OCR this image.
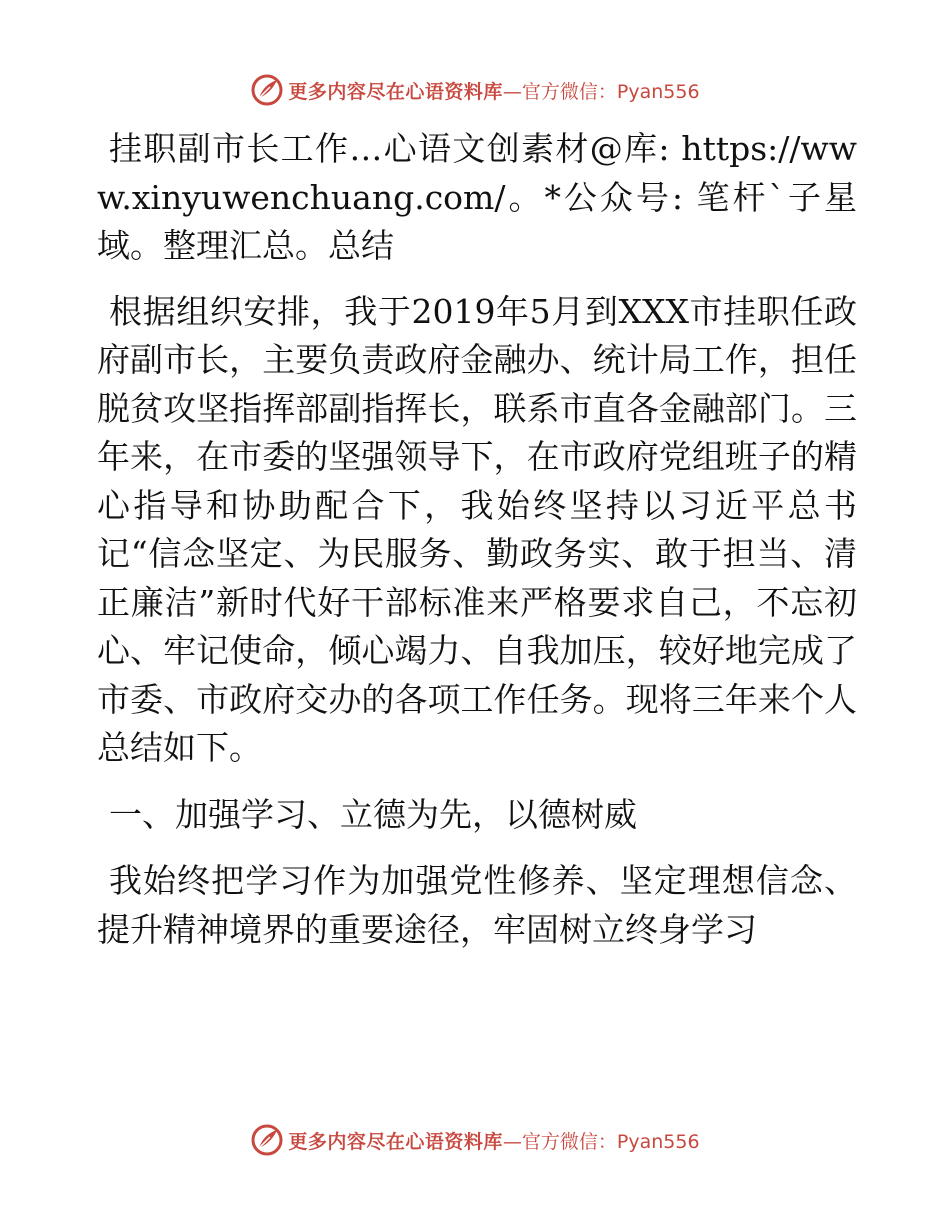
更多内容尽在心语资料库 —官方微信：Pyan556

挂职副市长工作…心语文创素材@库: https://www.xinyuwenchuang.com/。*公众号: 笔杆`子星域。整理汇总。总结

根据组织安排，我于2019年5月到XXX市挂职任政府副市长，主要负责政府金融办、统计局工作，担任脱贫攻坚指挥部副指挥长，联系市直各金融部门。三年来，在市委的坚强领导下，在市政府党组班子的精心指导和协助配合下，我始终坚持以习近平总书记“信念坚定、为民服务、勤政务实、敢于担当、清正廉洁”新时代好干部标准来严格要求自己，不忘初心、牢记使命，倾心竭力、自我加压，较好地完成了市委、市政府交办的各项工作任务。现将三年来个人总结如下。

一、加强学习、立德为先，以德树威

我始终把学习作为加强党性修养、坚定理想信念、提升精神境界的重要途径，牢固树立终身学习

更多内容尽在心语资料库 —官方微信：Pyan556
